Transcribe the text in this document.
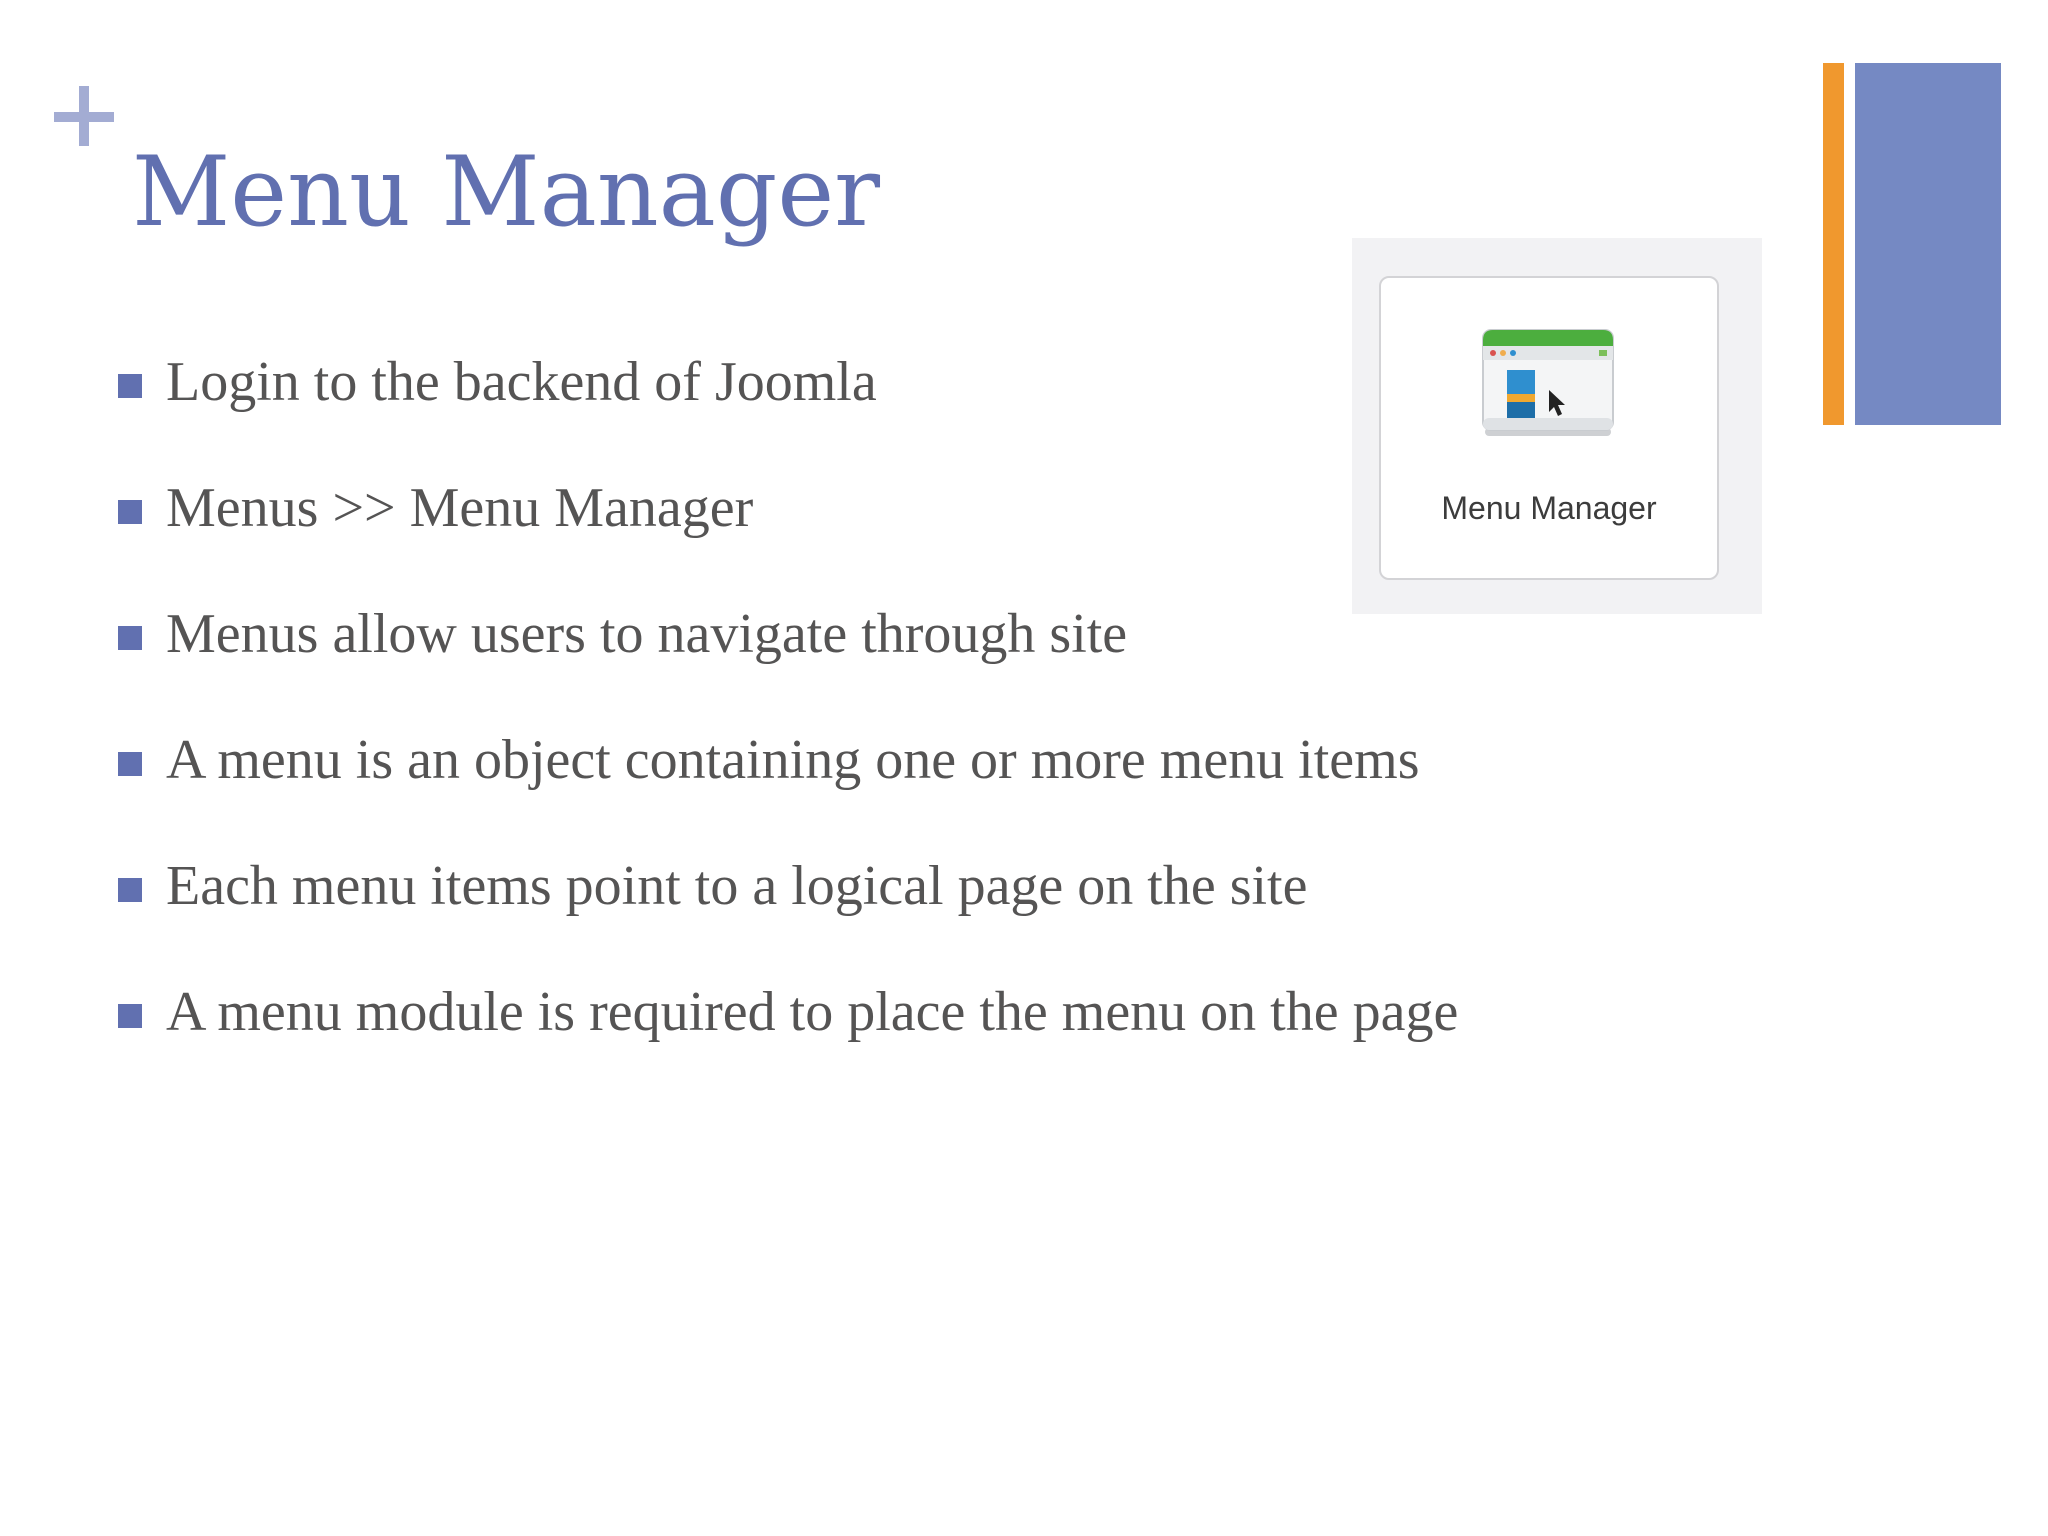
Menu Manager
Login to the backend of Joomla
Menus >> Menu Manager
Menus allow users to navigate through site
A menu is an object containing one or more menu items
Each menu items point to a logical page on the site
A menu module is required to place the menu on the page
Menu Manager
